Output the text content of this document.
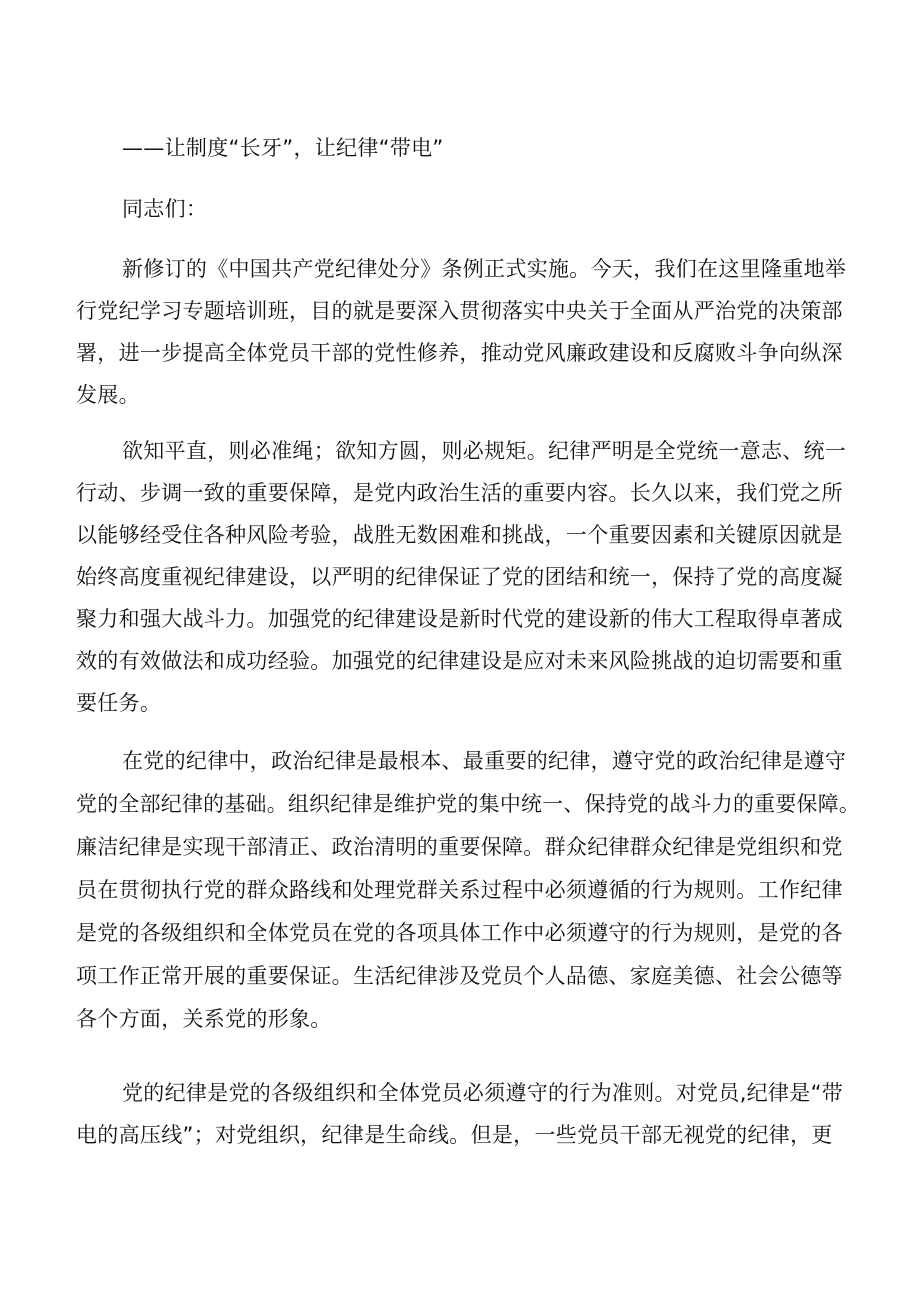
——让制度“长牙”，让纪律“带电”
同志们：
新修订的《中国共产党纪律处分》条例正式实施。今天，我们在这里隆重地举
行党纪学习专题培训班，目的就是要深入贯彻落实中央关于全面从严治党的决策部
署，进一步提高全体党员干部的党性修养，推动党风廉政建设和反腐败斗争向纵深
发展。
欲知平直，则必准绳；欲知方圆，则必规矩。纪律严明是全党统一意志、统一
行动、步调一致的重要保障，是党内政治生活的重要内容。长久以来，我们党之所
以能够经受住各种风险考验，战胜无数困难和挑战，一个重要因素和关键原因就是
始终高度重视纪律建设，以严明的纪律保证了党的团结和统一，保持了党的高度凝
聚力和强大战斗力。加强党的纪律建设是新时代党的建设新的伟大工程取得卓著成
效的有效做法和成功经验。加强党的纪律建设是应对未来风险挑战的迫切需要和重
要任务。
在党的纪律中，政治纪律是最根本、最重要的纪律，遵守党的政治纪律是遵守
党的全部纪律的基础。组织纪律是维护党的集中统一、保持党的战斗力的重要保障。
廉洁纪律是实现干部清正、政治清明的重要保障。群众纪律群众纪律是党组织和党
员在贯彻执行党的群众路线和处理党群关系过程中必须遵循的行为规则。工作纪律
是党的各级组织和全体党员在党的各项具体工作中必须遵守的行为规则，是党的各
项工作正常开展的重要保证。生活纪律涉及党员个人品德、家庭美德、社会公德等
各个方面，关系党的形象。
党的纪律是党的各级组织和全体党员必须遵守的行为准则。对党员,纪律是“带
电的高压线”；对党组织，纪律是生命线。但是，一些党员干部无视党的纪律，更
